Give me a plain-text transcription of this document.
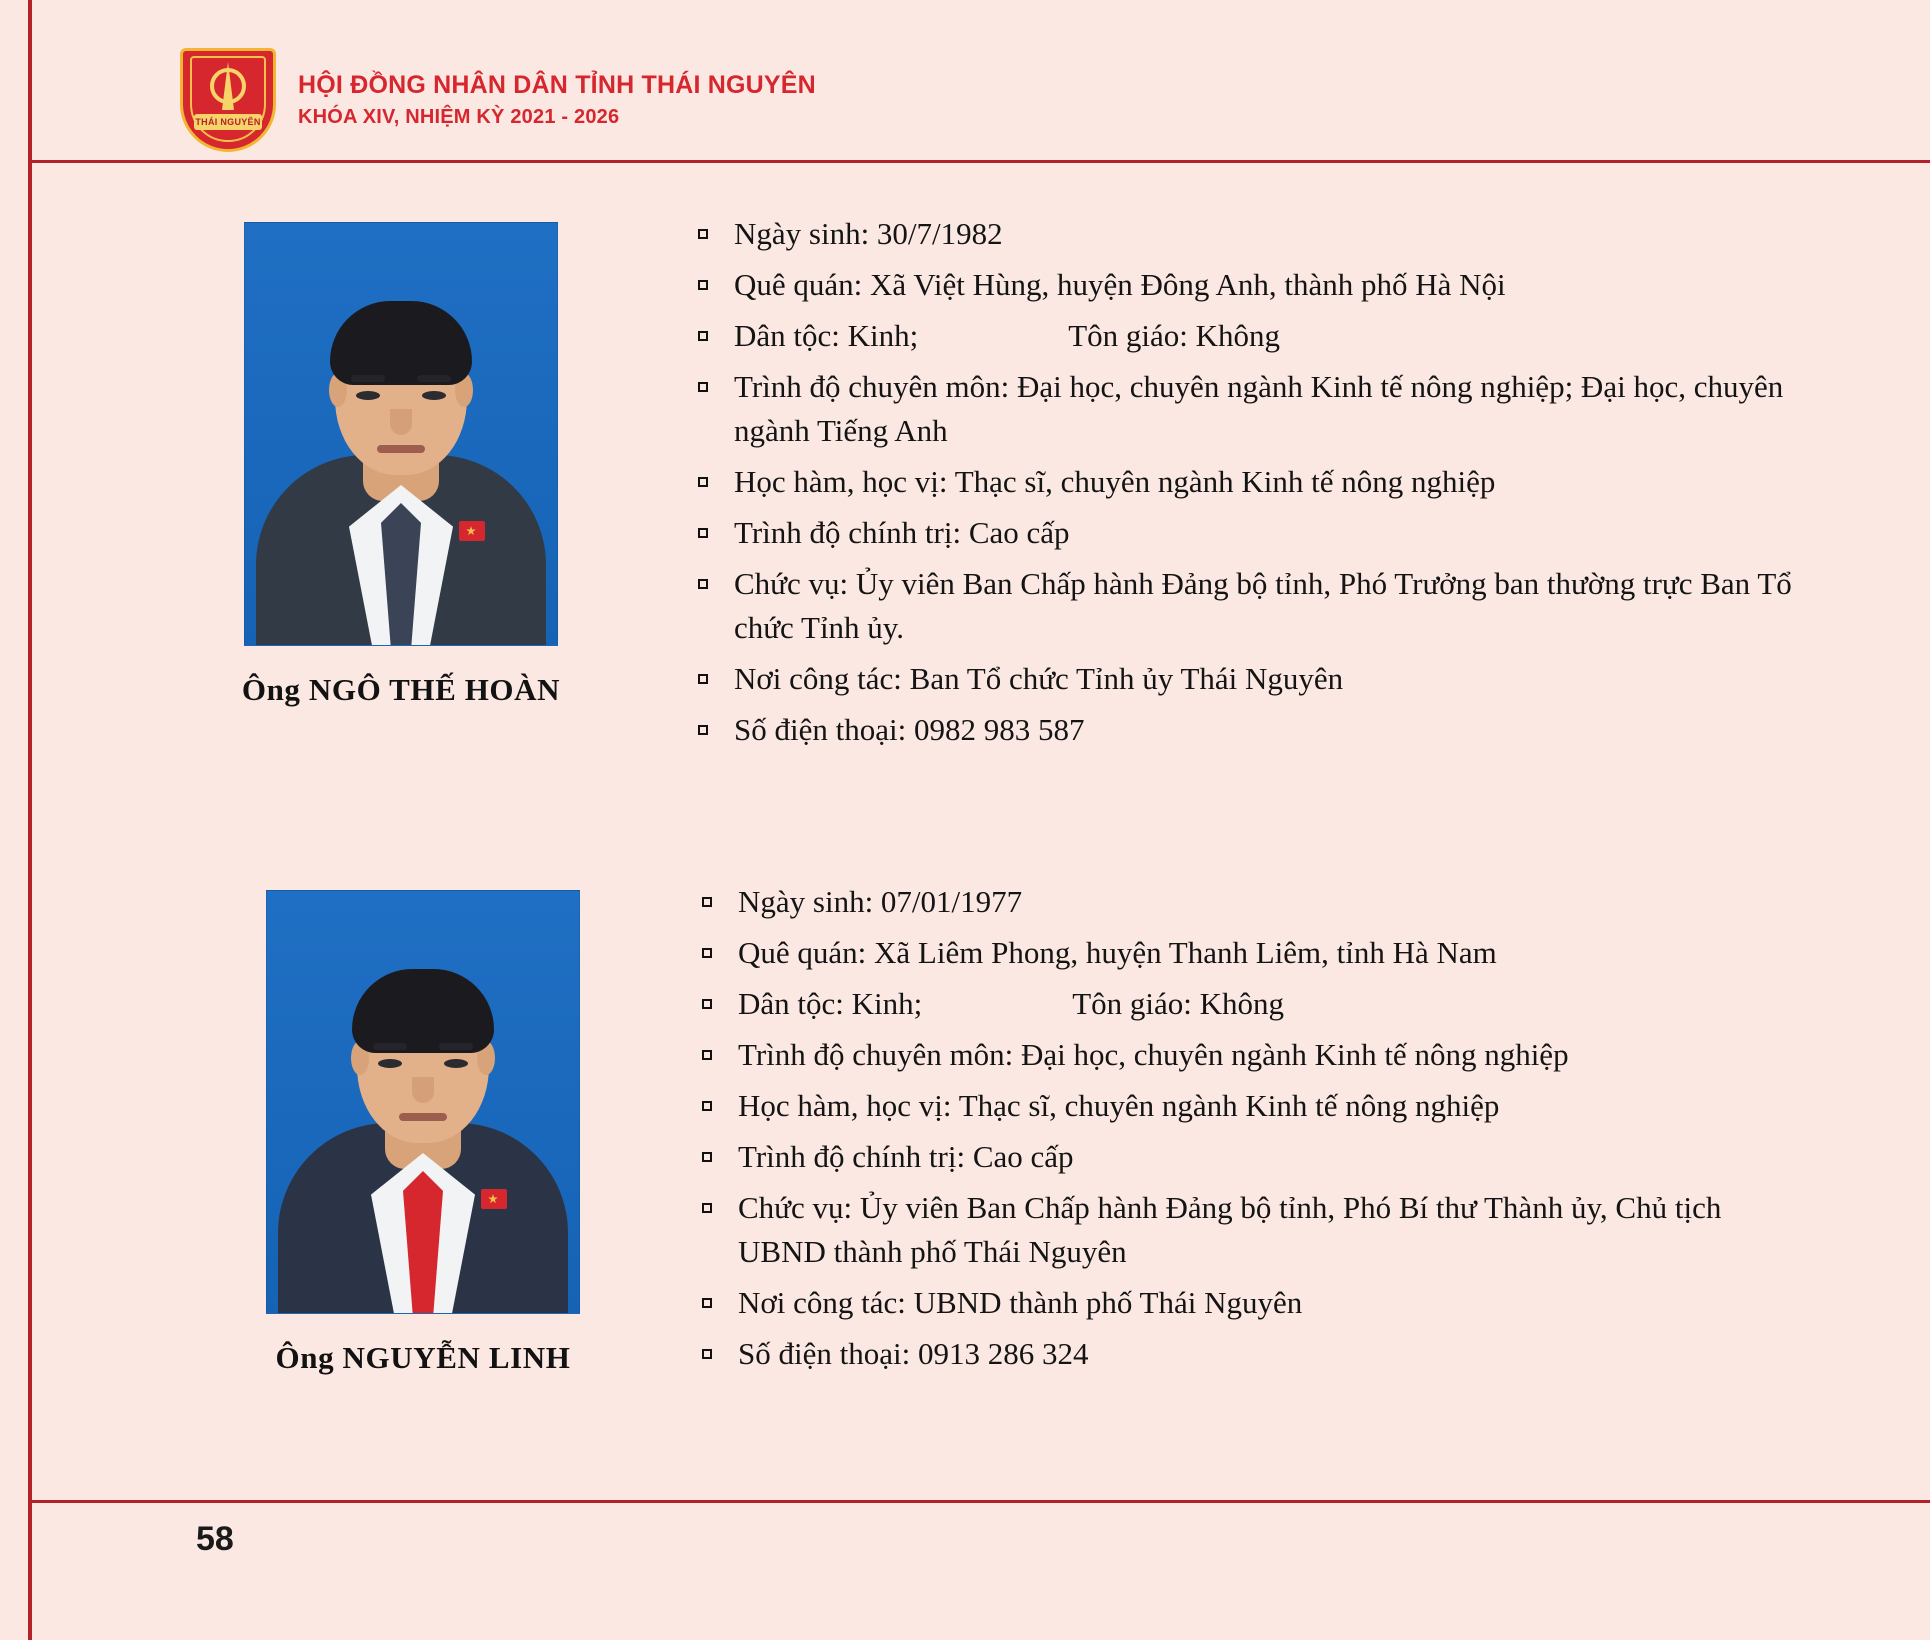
THÁI NGUYÊN
HỘI ĐỒNG NHÂN DÂN TỈNH THÁI NGUYÊN
KHÓA XIV, NHIỆM KỲ 2021 - 2026
Ông NGÔ THẾ HOÀN
Ngày sinh: 30/7/1982
Quê quán: Xã Việt Hùng, huyện Đông Anh, thành phố Hà Nội
Dân tộc: Kinh;	Tôn giáo: Không
Trình độ chuyên môn: Đại học, chuyên ngành Kinh tế nông nghiệp; Đại học, chuyên ngành Tiếng Anh
Học hàm, học vị: Thạc sĩ, chuyên ngành Kinh tế nông nghiệp
Trình độ chính trị: Cao cấp
Chức vụ: Ủy viên Ban Chấp hành Đảng bộ tỉnh, Phó Trưởng ban thường trực Ban Tổ chức Tỉnh ủy.
Nơi công tác: Ban Tổ chức Tỉnh ủy Thái Nguyên
Số điện thoại: 0982 983 587
Ông NGUYỄN LINH
Ngày sinh: 07/01/1977
Quê quán: Xã Liêm Phong, huyện Thanh Liêm, tỉnh Hà Nam
Dân tộc: Kinh;	Tôn giáo: Không
Trình độ chuyên môn: Đại học, chuyên ngành Kinh tế nông nghiệp
Học hàm, học vị: Thạc sĩ, chuyên ngành Kinh tế nông nghiệp
Trình độ chính trị: Cao cấp
Chức vụ: Ủy viên Ban Chấp hành Đảng bộ tỉnh, Phó Bí thư Thành ủy, Chủ tịch UBND thành phố Thái Nguyên
Nơi công tác: UBND thành phố Thái Nguyên
Số điện thoại: 0913 286 324
58
